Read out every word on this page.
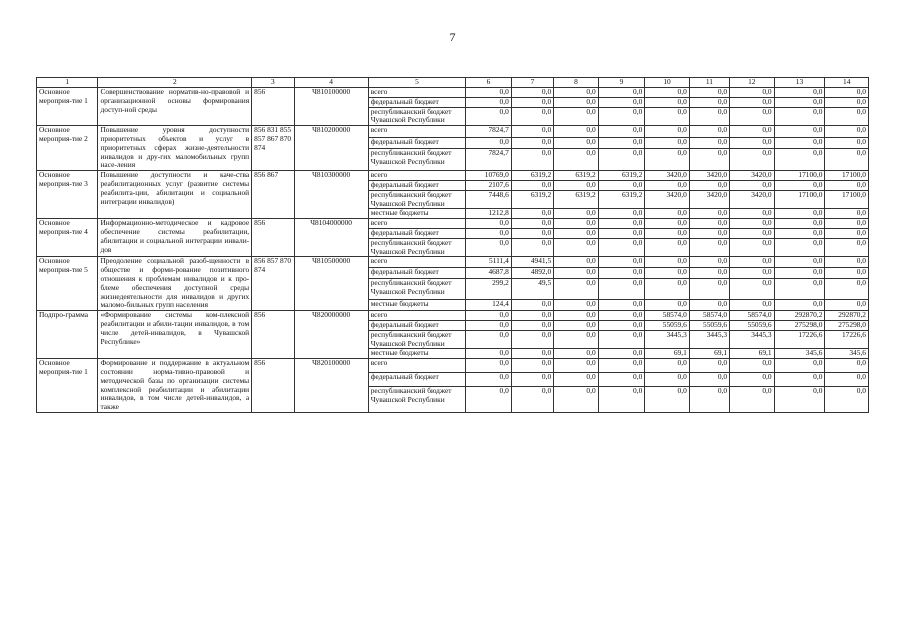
7
1	2	3	4	5	6	7	8	9	10	11	12	13	14
Основное мероприя-тие 1	Совершенствование норматив-но-правовой и организационной основы формирования доступ-ной среды	856	Ч810100000	всего	0,0	0,0	0,0	0,0	0,0	0,0	0,0	0,0	0,0
				федеральный бюджет	0,0	0,0	0,0	0,0	0,0	0,0	0,0	0,0	0,0
				республиканский бюджет Чувашской Республики	0,0	0,0	0,0	0,0	0,0	0,0	0,0	0,0	0,0
Основное мероприя-тие 2	Повышение уровня доступности приоритетных объектов и услуг в приоритетных сферах жизне-деятельности инвалидов и дру-гих маломобильных групп насе-ления	856 831 855 857 867 870 874	Ч810200000	всего	7824,7	0,0	0,0	0,0	0,0	0,0	0,0	0,0	0,0
				федеральный бюджет	0,0	0,0	0,0	0,0	0,0	0,0	0,0	0,0	0,0
				республиканский бюджет Чувашской Республики	7824,7	0,0	0,0	0,0	0,0	0,0	0,0	0,0	0,0
Основное мероприя-тие 3	Повышение доступности и каче-ства реабилитационных услуг (развитие системы реабилита-ции, абилитации и социальной интеграции инвалидов)	856 867	Ч810300000	всего	10769,0	6319,2	6319,2	6319,2	3420,0	3420,0	3420,0	17100,0	17100,0
				федеральный бюджет	2107,6	0,0	0,0	0,0	0,0	0,0	0,0	0,0	0,0
				республиканский бюджет Чувашской Республики	7448,6	6319,2	6319,2	6319,2	3420,0	3420,0	3420,0	17100,0	17100,0
				местные бюджеты	1212,8	0,0	0,0	0,0	0,0	0,0	0,0	0,0	0,0
Основное мероприя-тие 4	Информационно-методическое и кадровое обеспечение системы реабилитации, абилитации и социальной интеграции инвали-дов	856	Ч8104000000	всего	0,0	0,0	0,0	0,0	0,0	0,0	0,0	0,0	0,0
				федеральный бюджет	0,0	0,0	0,0	0,0	0,0	0,0	0,0	0,0	0,0
				республиканский бюджет Чувашской Республики	0,0	0,0	0,0	0,0	0,0	0,0	0,0	0,0	0,0
Основное мероприя-тие 5	Преодоление социальной разоб-щенности в обществе и форми-рование позитивного отношения к проблемам инвалидов и к про-блеме обеспечения доступной среды жизнедеятельности для инвалидов и других маломо-бильных групп населения	856 857 870 874	Ч810500000	всего	5111,4	4941,5	0,0	0,0	0,0	0,0	0,0	0,0	0,0
				федеральный бюджет	4687,8	4892,0	0,0	0,0	0,0	0,0	0,0	0,0	0,0
				республиканский бюджет Чувашской Республики	299,2	49,5	0,0	0,0	0,0	0,0	0,0	0,0	0,0
				местные бюджеты	124,4	0,0	0,0	0,0	0,0	0,0	0,0	0,0	0,0
Подпро-грамма	«Формирование системы ком-плексной реабилитации и абили-тации инвалидов, в том числе детей-инвалидов, в Чувашской Республике»	856	Ч820000000	всего	0,0	0,0	0,0	0,0	58574,0	58574,0	58574,0	292870,2	292870,2
				федеральный бюджет	0,0	0,0	0,0	0,0	55059,6	55059,6	55059,6	275298,0	275298,0
				республиканский бюджет Чувашской Республики	0,0	0,0	0,0	0,0	3445,3	3445,3	3445,3	17226,6	17226,6
				местные бюджеты	0,0	0,0	0,0	0,0	69,1	69,1	69,1	345,6	345,6
Основное мероприя-тие 1	Формирование и поддержание в актуальном состоянии норма-тивно-правовой и методической базы по организации системы комплексной реабилитации и абилитации инвалидов, в том числе детей-инвалидов, а также	856	Ч820100000	всего	0,0	0,0	0,0	0,0	0,0	0,0	0,0	0,0	0,0
				федеральный бюджет	0,0	0,0	0,0	0,0	0,0	0,0	0,0	0,0	0,0
				республиканский бюджет Чувашской Республики	0,0	0,0	0,0	0,0	0,0	0,0	0,0	0,0	0,0
